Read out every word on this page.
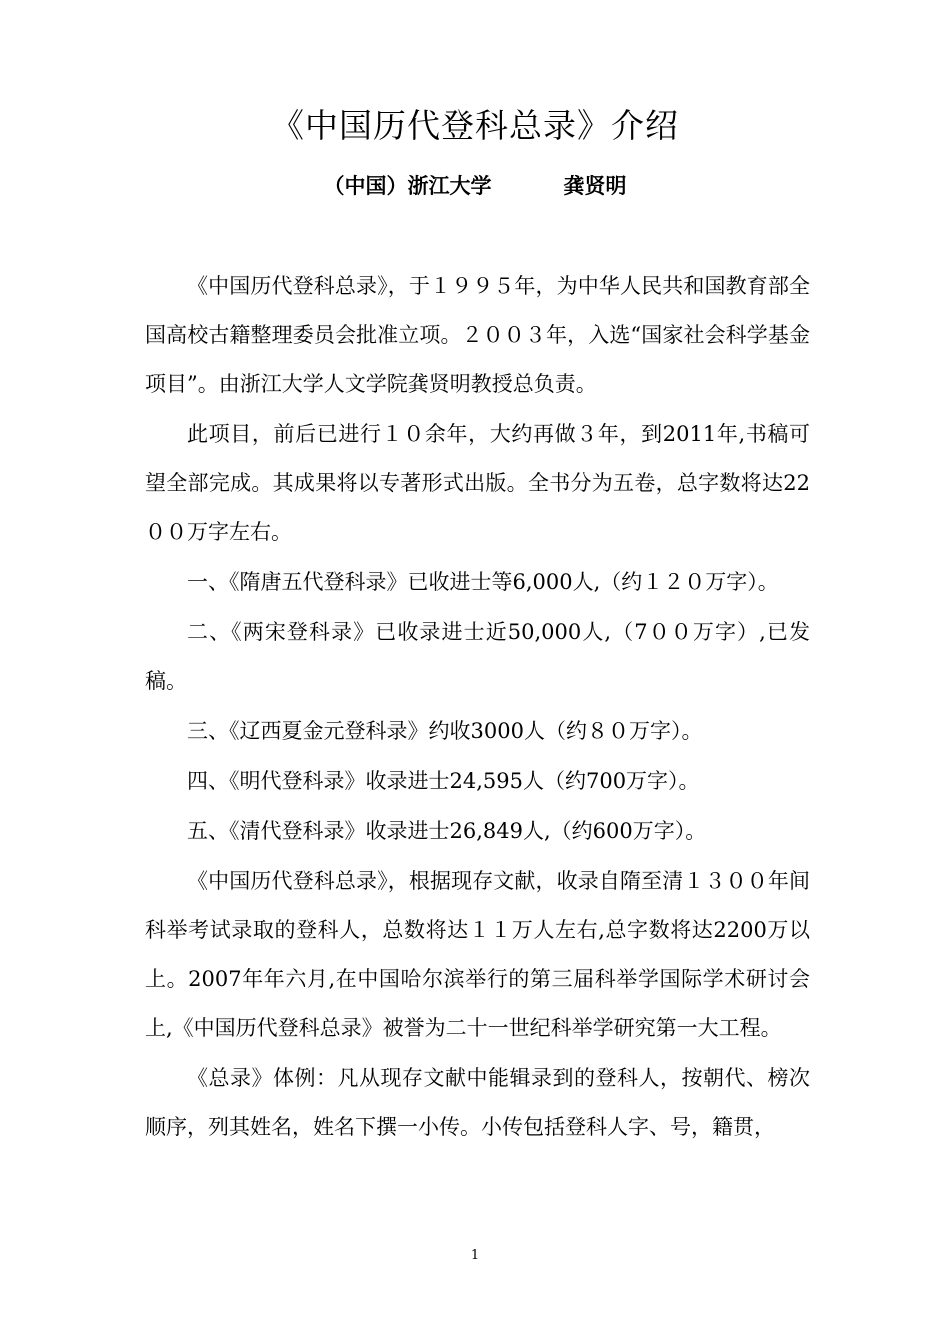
《中国历代登科总录》介绍
（中国）浙江大学	龚贤明

《中国历代登科总录》，于１９９５年，为中华人民共和国教育部全国高校古籍整理委员会批准立项。２００３年，入选“国家社会科学基金项目”。由浙江大学人文学院龚贤明教授总负责。

此项目，前后已进行１０余年，大约再做３年，到2011年,书稿可望全部完成。其成果将以专著形式出版。全书分为五卷，总字数将达22００万字左右。

一、《隋唐五代登科录》已收进士等6,000人,（约１２０万字）。

二、《两宋登科录》已收录进士近50,000人,（7００万字）,已发稿。

三、《辽西夏金元登科录》约收3000人（约８０万字）。

四、《明代登科录》收录进士24,595人（约700万字）。

五、《清代登科录》收录进士26,849人,（约600万字）。

《中国历代登科总录》，根据现存文献，收录自隋至清１３００年间科举考试录取的登科人，总数将达１１万人左右,总字数将达2200万以上。2007年年六月,在中国哈尔滨举行的第三届科举学国际学术研讨会上,《中国历代登科总录》被誉为二十一世纪科举学研究第一大工程。

《总录》体例：凡从现存文献中能辑录到的登科人，按朝代、榜次顺序，列其姓名，姓名下撰一小传。小传包括登科人字、号，籍贯，

1
